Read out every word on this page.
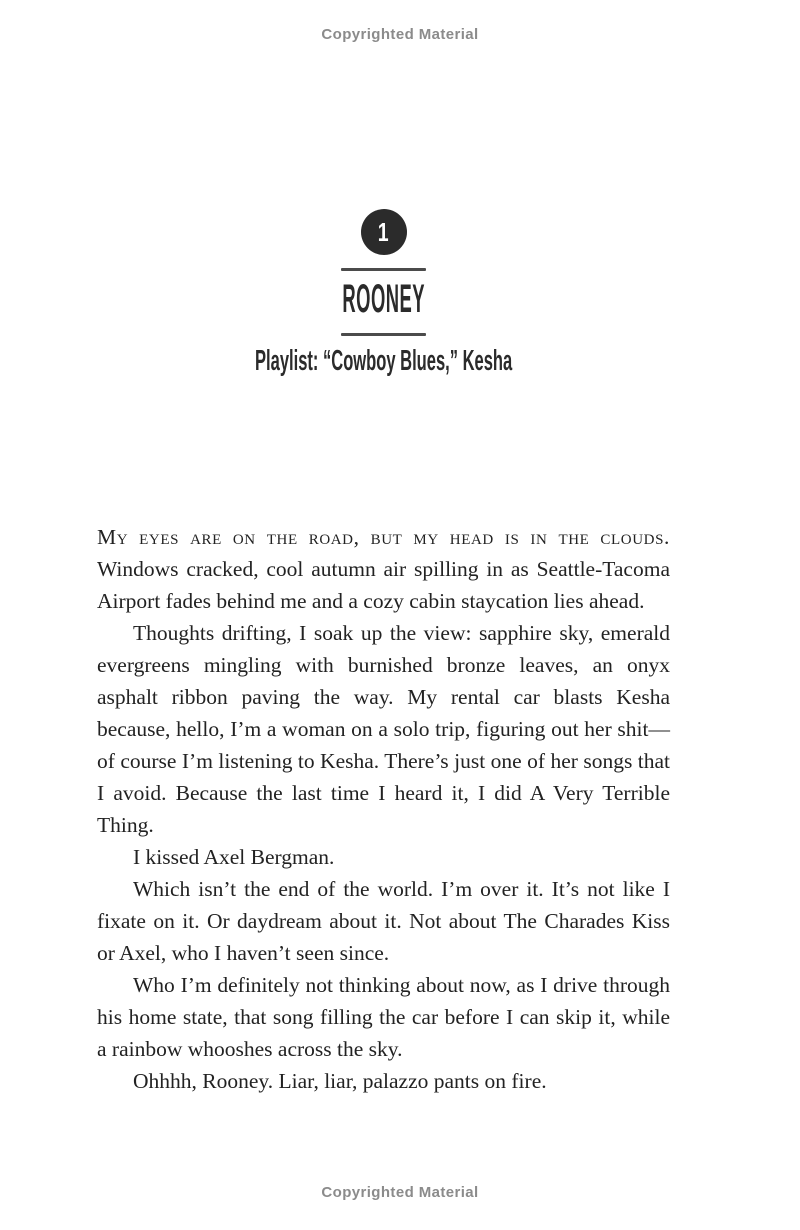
Copyrighted Material
1
ROONEY
Playlist: “Cowboy Blues,” Kesha

My eyes are on the road, but my head is in the clouds. Windows cracked, cool autumn air spilling in as Seattle-Tacoma Airport fades behind me and a cozy cabin staycation lies ahead.

Thoughts drifting, I soak up the view: sapphire sky, emerald evergreens mingling with burnished bronze leaves, an onyx asphalt ribbon paving the way. My rental car blasts Kesha because, hello, I’m a woman on a solo trip, figuring out her shit—of course I’m listening to Kesha. There’s just one of her songs that I avoid. Because the last time I heard it, I did A Very Terrible Thing.

I kissed Axel Bergman.

Which isn’t the end of the world. I’m over it. It’s not like I fixate on it. Or daydream about it. Not about The Charades Kiss or Axel, who I haven’t seen since.

Who I’m definitely not thinking about now, as I drive through his home state, that song filling the car before I can skip it, while a rainbow whooshes across the sky.

Ohhhh, Rooney. Liar, liar, palazzo pants on fire.

Copyrighted Material
